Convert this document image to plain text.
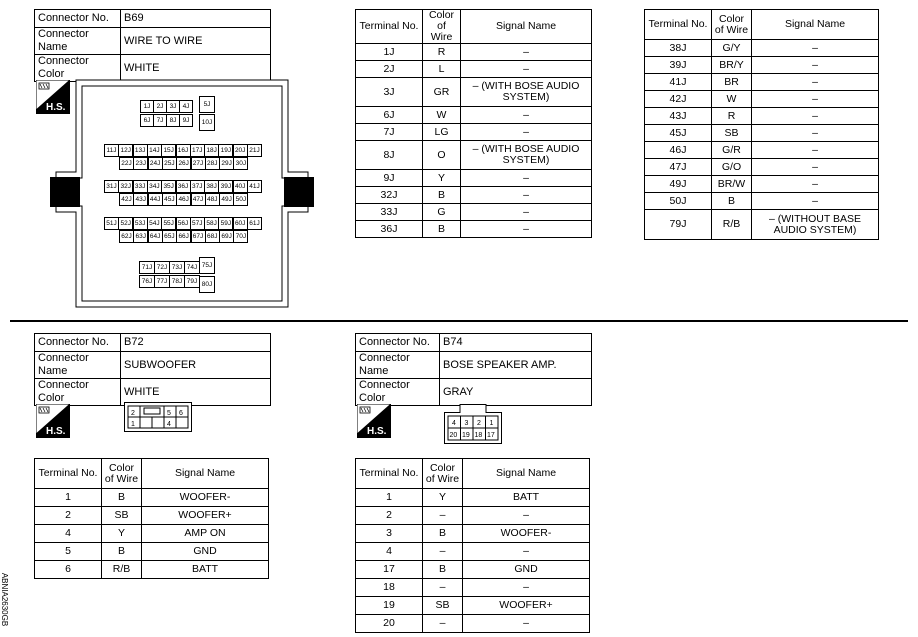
Connector No.	B69
Connector Name	WIRE TO WIRE
Connector Color	WHITE
H.S.	1J 2J 3J 4J	5J
6J 7J 8J 9J	10J
11J 12J 13J 14J 15J 16J 17J 18J 19J 20J 21J
22J 23J 24J 25J 26J 27J 28J 29J 30J
31J 32J 33J 34J 35J 36J 37J 38J 39J 40J 41J
42J 43J 44J 45J 46J 47J 48J 49J 50J
51J 52J 53J 54J 55J 56J 57J 58J 59J 60J 61J
62J 63J 64J 65J 66J 67J 68J 69J 70J
71J 72J 73J 74J
76J 77J 78J 79J
75J
80J
Terminal No.	Color of Wire	Signal Name
1J	R	–
2J	L	–
3J	GR	– (WITH BOSE AUDIO SYSTEM)
6J	W	–
7J	LG	–
8J	O	– (WITH BOSE AUDIO SYSTEM)
9J	Y	–
32J	B	–
33J	G	–
36J	B	–
Terminal No.	Color of Wire	Signal Name
38J	G/Y	–
39J	BR/Y	–
41J	BR	–
42J	W	–
43J	R	–
45J	SB	–
46J	G/R	–
47J	G/O	–
49J	BR/W	–
50J	B	–
79J	R/B	– (WITHOUT BASE AUDIO SYSTEM)
Connector No.	B72
Connector Name	SUBWOOFER
Connector Color	WHITE
H.S.
2	5 6
1	4
Terminal No.	Color of Wire	Signal Name
1	B	WOOFER-
2	SB	WOOFER+
4	Y	AMP ON
5	B	GND
6	R/B	BATT
Connector No.	B74
Connector Name	BOSE SPEAKER AMP.
Connector Color	GRAY
H.S.
4 3 2 1
20 19 18 17
Terminal No.	Color of Wire	Signal Name
1	Y	BATT
2	–	–
3	B	WOOFER-
4	–	–
17	B	GND
18	–	–
19	SB	WOOFER+
20	–	–
ABNIA2630GB
